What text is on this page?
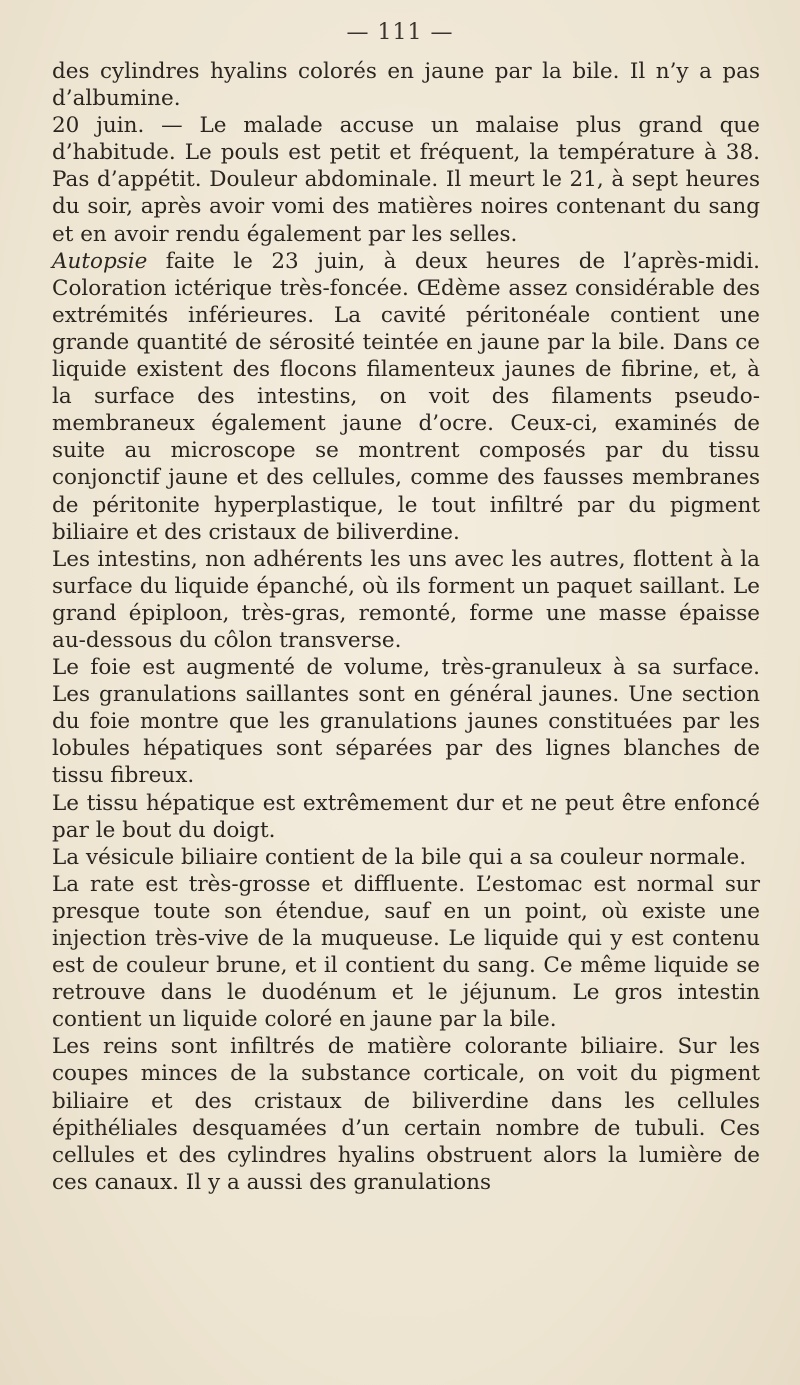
— 111 —

des cylindres hyalins colorés en jaune par la bile. Il n’y a pas d’albumine.

20 juin. — Le malade accuse un malaise plus grand que d’habitude. Le pouls est petit et fréquent, la température à 38. Pas d’appétit. Douleur abdominale. Il meurt le 21, à sept heures du soir, après avoir vomi des matières noires contenant du sang et en avoir rendu également par les selles.

Autopsie faite le 23 juin, à deux heures de l’après-midi. Coloration ictérique très-foncée. Œdème assez considérable des extrémités inférieures. La cavité péritonéale contient une grande quantité de sérosité teintée en jaune par la bile. Dans ce liquide existent des flocons filamenteux jaunes de fibrine, et, à la surface des intestins, on voit des filaments pseudo-membraneux également jaune d’ocre. Ceux-ci, examinés de suite au microscope se montrent composés par du tissu conjonctif jaune et des cellules, comme des fausses membranes de péritonite hyperplastique, le tout infiltré par du pigment biliaire et des cristaux de biliverdine.

Les intestins, non adhérents les uns avec les autres, flottent à la surface du liquide épanché, où ils forment un paquet saillant. Le grand épiploon, très-gras, remonté, forme une masse épaisse au-dessous du côlon transverse.

Le foie est augmenté de volume, très-granuleux à sa surface. Les granulations saillantes sont en général jaunes. Une section du foie montre que les granulations jaunes constituées par les lobules hépatiques sont séparées par des lignes blanches de tissu fibreux.

Le tissu hépatique est extrêmement dur et ne peut être enfoncé par le bout du doigt.

La vésicule biliaire contient de la bile qui a sa couleur normale.

La rate est très-grosse et diffluente. L’estomac est normal sur presque toute son étendue, sauf en un point, où existe une injection très-vive de la muqueuse. Le liquide qui y est contenu est de couleur brune, et il contient du sang. Ce même liquide se retrouve dans le duodénum et le jéjunum. Le gros intestin contient un liquide coloré en jaune par la bile.

Les reins sont infiltrés de matière colorante biliaire. Sur les coupes minces de la substance corticale, on voit du pigment biliaire et des cristaux de biliverdine dans les cellules épithéliales desquamées d’un certain nombre de tubuli. Ces cellules et des cylindres hyalins obstruent alors la lumière de ces canaux. Il y a aussi des granulations
